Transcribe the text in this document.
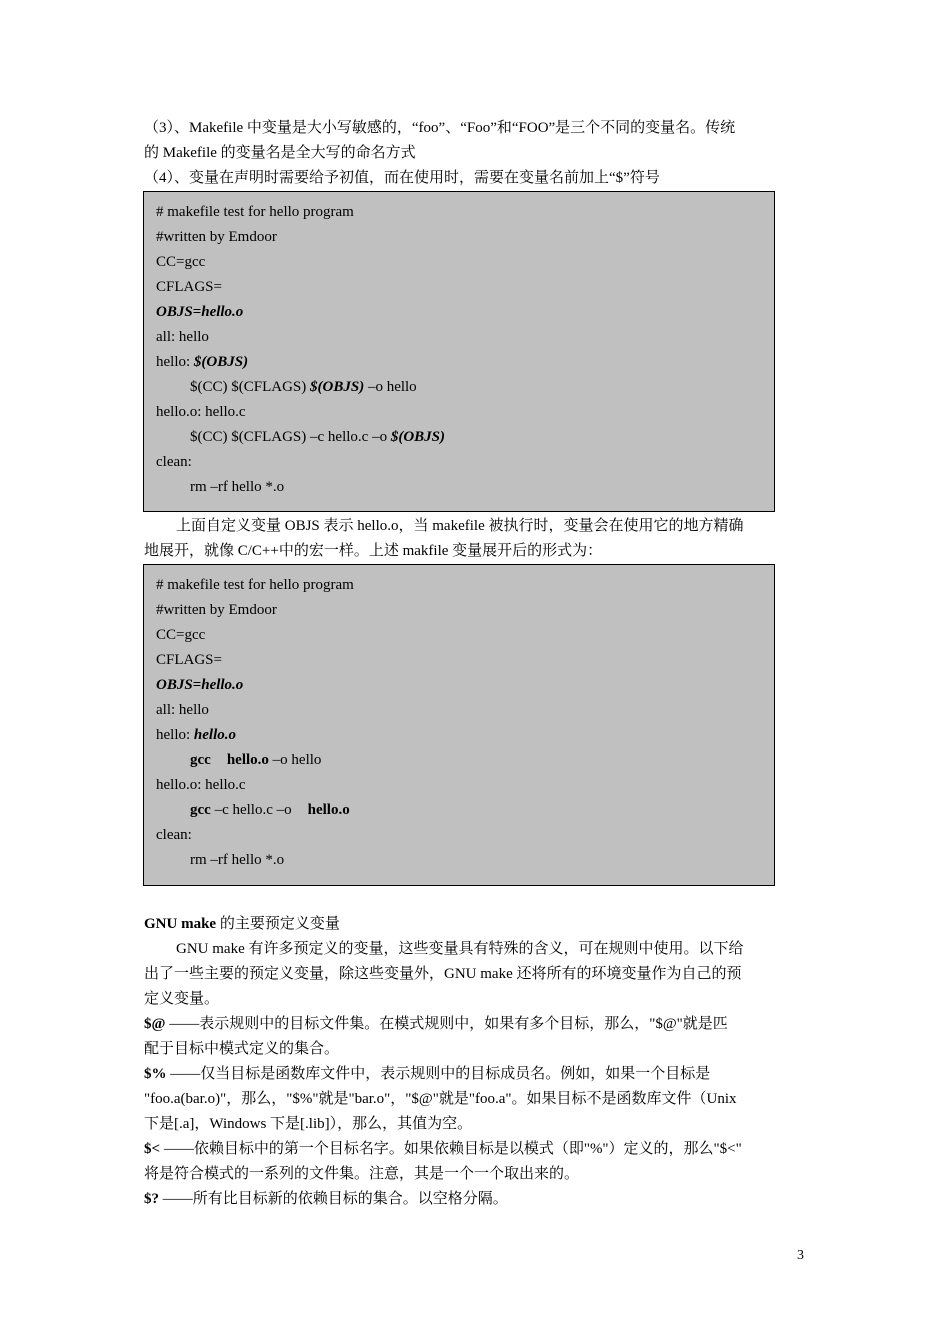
（3）、Makefile 中变量是大小写敏感的，“foo”、“Foo”和“FOO”是三个不同的变量名。传统
的 Makefile 的变量名是全大写的命名方式
（4）、变量在声明时需要给予初值，而在使用时，需要在变量名前加上“$”符号
# makefile test for hello program
#written by Emdoor
CC=gcc
CFLAGS=
OBJS=hello.o
all: hello
hello: $(OBJS)
$(CC) $(CFLAGS) $(OBJS) –o hello
hello.o: hello.c
$(CC) $(CFLAGS) –c hello.c –o $(OBJS)
clean:
rm –rf hello *.o
上面自定义变量 OBJS 表示 hello.o，当 makefile 被执行时，变量会在使用它的地方精确
地展开，就像 C/C++中的宏一样。上述 makfile 变量展开后的形式为：
# makefile test for hello program
#written by Emdoor
CC=gcc
CFLAGS=
OBJS=hello.o
all: hello
hello: hello.o
gcc hello.o –o hello
hello.o: hello.c
gcc –c hello.c –o hello.o
clean:
rm –rf hello *.o
GNU make 的主要预定义变量
GNU make 有许多预定义的变量，这些变量具有特殊的含义，可在规则中使用。以下给
出了一些主要的预定义变量，除这些变量外，GNU make 还将所有的环境变量作为自己的预
定义变量。
$@ ——表示规则中的目标文件集。在模式规则中，如果有多个目标，那么，"$@"就是匹
配于目标中模式定义的集合。
$% ——仅当目标是函数库文件中，表示规则中的目标成员名。例如，如果一个目标是
"foo.a(bar.o)"，那么，"$%"就是"bar.o"，"$@"就是"foo.a"。如果目标不是函数库文件（Unix
下是[.a]，Windows 下是[.lib]），那么，其值为空。
$< ——依赖目标中的第一个目标名字。如果依赖目标是以模式（即"%"）定义的，那么"$<"
将是符合模式的一系列的文件集。注意，其是一个一个取出来的。
$? ——所有比目标新的依赖目标的集合。以空格分隔。
3
